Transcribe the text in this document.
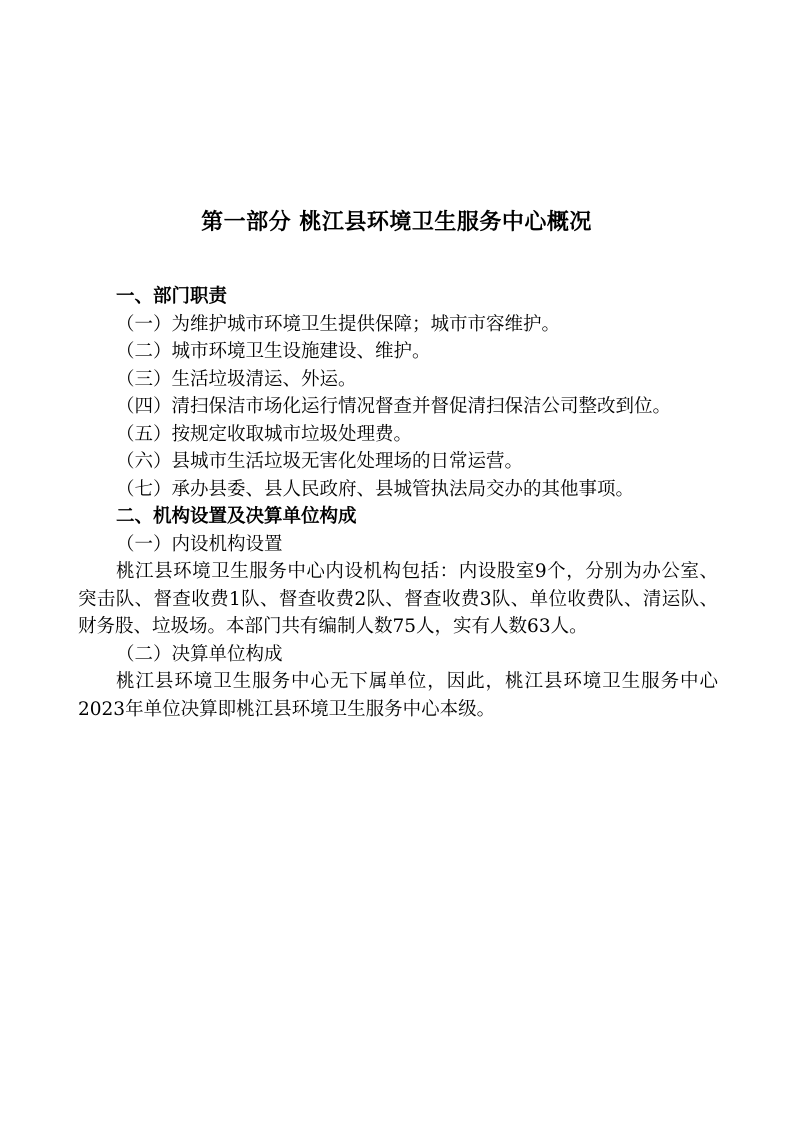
第一部分 桃江县环境卫生服务中心概况

一、部门职责

（一）为维护城市环境卫生提供保障；城市市容维护。

（二）城市环境卫生设施建设、维护。

（三）生活垃圾清运、外运。

（四）清扫保洁市场化运行情况督查并督促清扫保洁公司整改到位。

（五）按规定收取城市垃圾处理费。

（六）县城市生活垃圾无害化处理场的日常运营。

（七）承办县委、县人民政府、县城管执法局交办的其他事项。

二、机构设置及决算单位构成

（一）内设机构设置

桃江县环境卫生服务中心内设机构包括：内设股室9个，分别为办公室、突击队、督查收费1队、督查收费2队、督查收费3队、单位收费队、清运队、财务股、垃圾场。本部门共有编制人数75人，实有人数63人。

（二）决算单位构成

桃江县环境卫生服务中心无下属单位，因此，桃江县环境卫生服务中心2023年单位决算即桃江县环境卫生服务中心本级。
